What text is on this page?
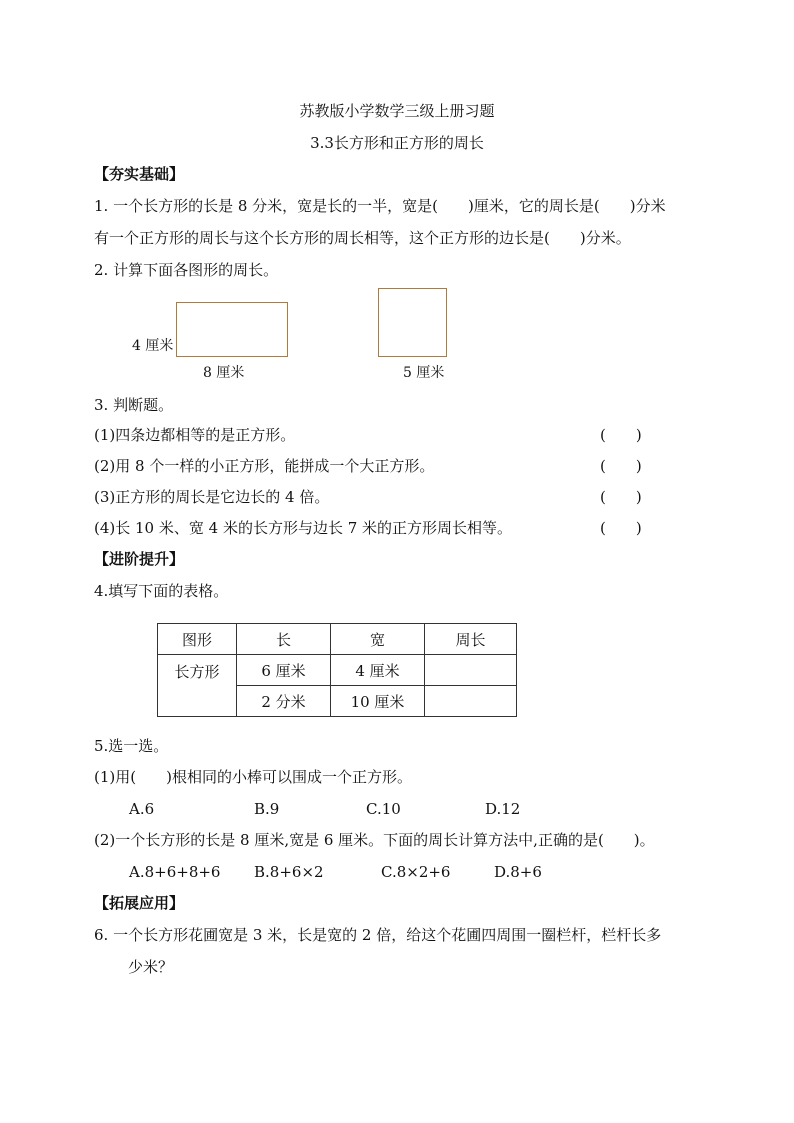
苏教版小学数学三级上册习题
3.3长方形和正方形的周长
【夯实基础】
1. 一个长方形的长是 8 分米，宽是长的一半，宽是(　　)厘米，它的周长是(　　)分米
有一个正方形的周长与这个长方形的周长相等，这个正方形的边长是(　　)分米。
2. 计算下面各图形的周长。
4 厘米
8 厘米	5 厘米
3. 判断题。
(1)四条边都相等的是正方形。	(　　)
(2)用 8 个一样的小正方形，能拼成一个大正方形。	(　　)
(3)正方形的周长是它边长的 4 倍。	(　　)
(4)长 10 米、宽 4 米的长方形与边长 7 米的正方形周长相等。	(　　)
【进阶提升】
4.填写下面的表格。
图形	长	宽	周长
长方形	6 厘米	4 厘米	
	2 分米	10 厘米	
5.选一选。
(1)用(　　)根相同的小棒可以围成一个正方形。
A.6	B.9	C.10	D.12
(2)一个长方形的长是 8 厘米,宽是 6 厘米。下面的周长计算方法中,正确的是(　　)。
A.8+6+8+6 B.8+6×2	C.8×2+6	D.8+6
【拓展应用】
6. 一个长方形花圃宽是 3 米，长是宽的 2 倍，给这个花圃四周围一圈栏杆，栏杆长多
少米？
